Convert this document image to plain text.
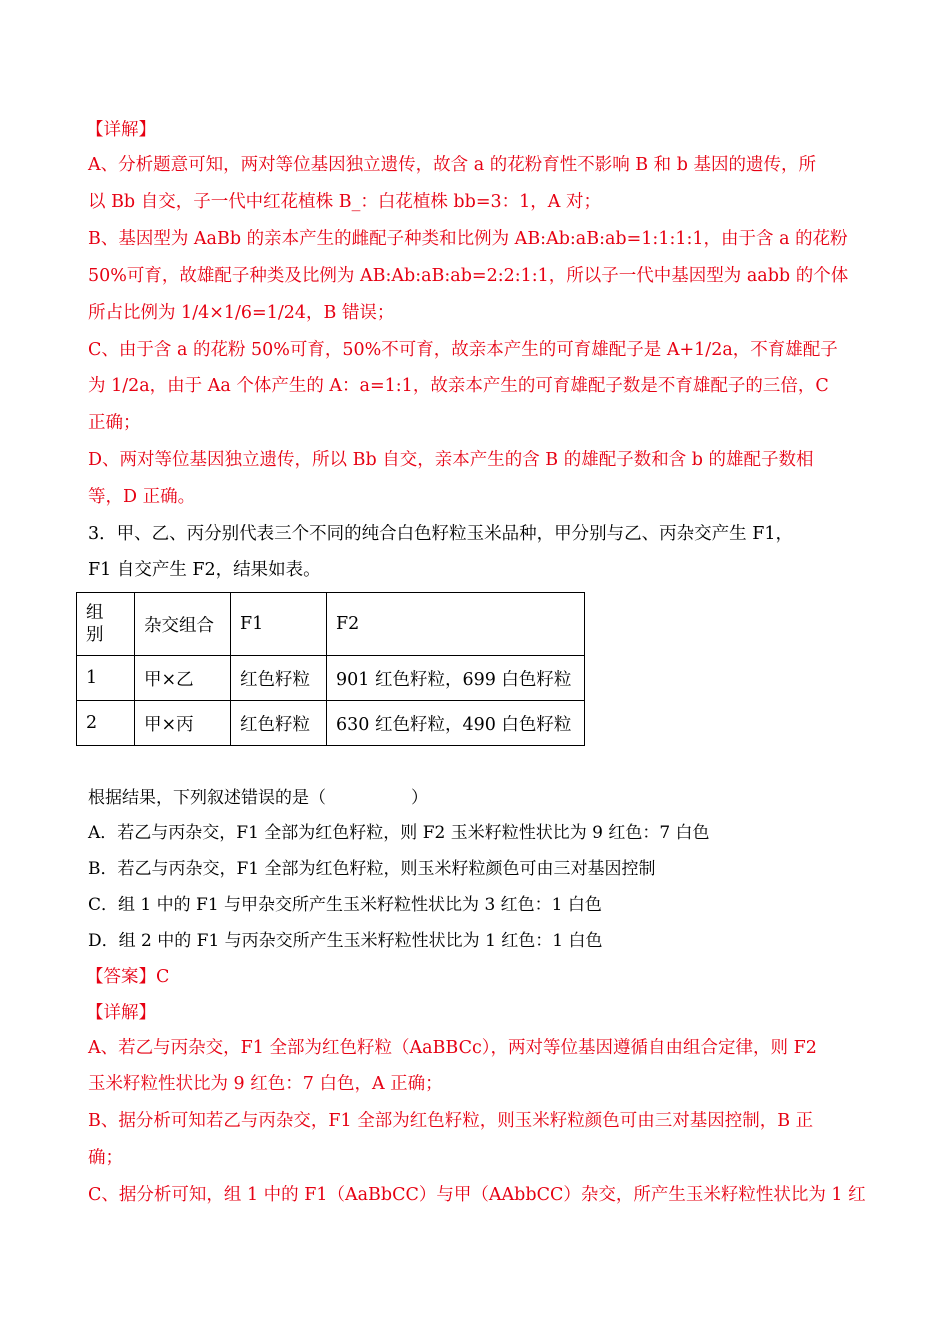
【详解】
A、分析题意可知，两对等位基因独立遗传，故含 a 的花粉育性不影响 B 和 b 基因的遗传，所
以 Bb 自交，子一代中红花植株 B_：白花植株 bb=3：1，A 对；
B、基因型为 AaBb 的亲本产生的雌配子种类和比例为 AB:Ab:aB:ab=1:1:1:1，由于含 a 的花粉
50%可育，故雄配子种类及比例为 AB:Ab:aB:ab=2:2:1:1，所以子一代中基因型为 aabb 的个体
所占比例为 1/4×1/6=1/24，B 错误；
C、由于含 a 的花粉 50%可育，50%不可育，故亲本产生的可育雄配子是 A+1/2a，不育雄配子
为 1/2a，由于 Aa 个体产生的 A：a=1:1，故亲本产生的可育雄配子数是不育雄配子的三倍，C
正确；
D、两对等位基因独立遗传，所以 Bb 自交，亲本产生的含 B 的雄配子数和含 b 的雄配子数相
等，D 正确。
3．甲、乙、丙分别代表三个不同的纯合白色籽粒玉米品种，甲分别与乙、丙杂交产生 F1，
F1 自交产生 F2，结果如表。
组
别	杂交组合	F1	F2
1	甲×乙	红色籽粒	901 红色籽粒，699 白色籽粒
2	甲×丙	红色籽粒	630 红色籽粒，490 白色籽粒
根据结果，下列叙述错误的是（　　　　　）
A．若乙与丙杂交，F1 全部为红色籽粒，则 F2 玉米籽粒性状比为 9 红色：7 白色
B．若乙与丙杂交，F1 全部为红色籽粒，则玉米籽粒颜色可由三对基因控制
C．组 1 中的 F1 与甲杂交所产生玉米籽粒性状比为 3 红色：1 白色
D．组 2 中的 F1 与丙杂交所产生玉米籽粒性状比为 1 红色：1 白色
【答案】C
【详解】
A、若乙与丙杂交，F1 全部为红色籽粒（AaBBCc），两对等位基因遵循自由组合定律，则 F2
玉米籽粒性状比为 9 红色：7 白色，A 正确；
B、据分析可知若乙与丙杂交，F1 全部为红色籽粒，则玉米籽粒颜色可由三对基因控制，B 正
确；
C、据分析可知，组 1 中的 F1（AaBbCC）与甲（AAbbCC）杂交，所产生玉米籽粒性状比为 1 红
